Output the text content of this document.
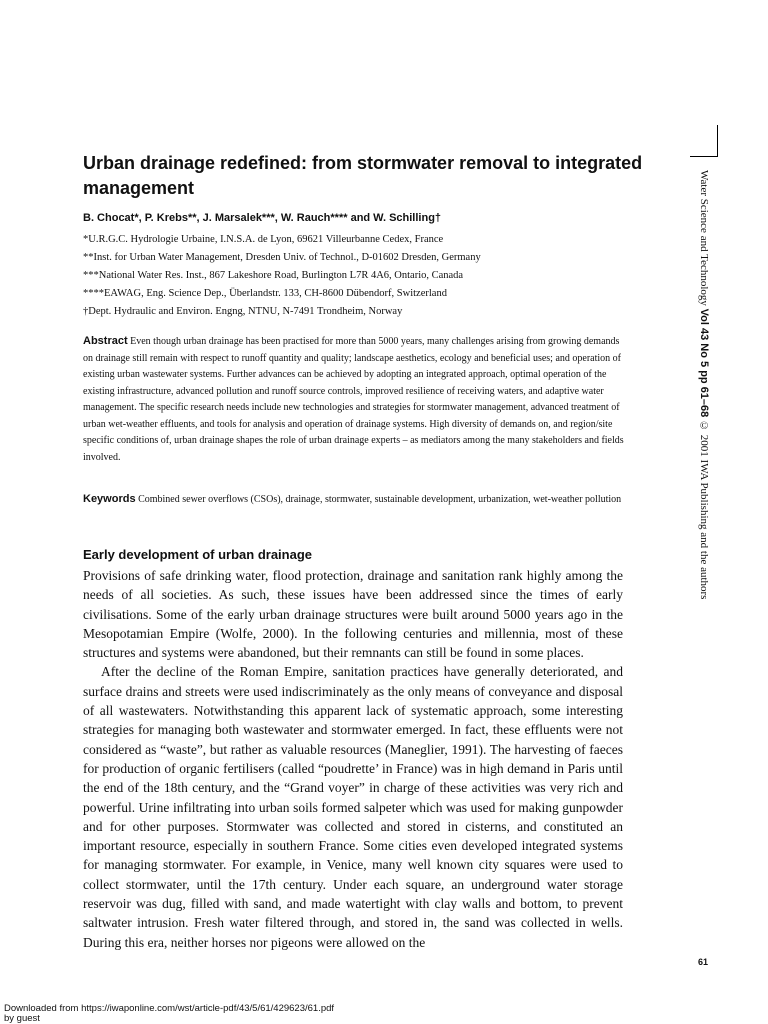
Urban drainage redefined: from stormwater removal to integrated management
B. Chocat*, P. Krebs**, J. Marsalek***, W. Rauch**** and W. Schilling†
*U.R.G.C. Hydrologie Urbaine, I.N.S.A. de Lyon, 69621 Villeurbanne Cedex, France
**Inst. for Urban Water Management, Dresden Univ. of Technol., D-01602 Dresden, Germany
***National Water Res. Inst., 867 Lakeshore Road, Burlington L7R 4A6, Ontario, Canada
****EAWAG, Eng. Science Dep., Überlandstr. 133, CH-8600 Dübendorf, Switzerland
†Dept. Hydraulic and Environ. Engng, NTNU, N-7491 Trondheim, Norway
Abstract Even though urban drainage has been practised for more than 5000 years, many challenges arising from growing demands on drainage still remain with respect to runoff quantity and quality; landscape aesthetics, ecology and beneficial uses; and operation of existing urban wastewater systems. Further advances can be achieved by adopting an integrated approach, optimal operation of the existing infrastructure, advanced pollution and runoff source controls, improved resilience of receiving waters, and adaptive water management. The specific research needs include new technologies and strategies for stormwater management, advanced treatment of urban wet-weather effluents, and tools for analysis and operation of drainage systems. High diversity of demands on, and region/site specific conditions of, urban drainage shapes the role of urban drainage experts – as mediators among the many stakeholders and fields involved.
Keywords Combined sewer overflows (CSOs), drainage, stormwater, sustainable development, urbanization, wet-weather pollution
Early development of urban drainage

Provisions of safe drinking water, flood protection, drainage and sanitation rank highly among the needs of all societies. As such, these issues have been addressed since the times of early civilisations. Some of the early urban drainage structures were built around 5000 years ago in the Mesopotamian Empire (Wolfe, 2000). In the following centuries and millennia, most of these structures and systems were abandoned, but their remnants can still be found in some places.

After the decline of the Roman Empire, sanitation practices have generally deteriorated, and surface drains and streets were used indiscriminately as the only means of conveyance and disposal of all wastewaters. Notwithstanding this apparent lack of systematic approach, some interesting strategies for managing both wastewater and stormwater emerged. In fact, these effluents were not considered as “waste”, but rather as valuable resources (Maneglier, 1991). The harvesting of faeces for production of organic fertilisers (called “poudrette’ in France) was in high demand in Paris until the end of the 18th century, and the “Grand voyer” in charge of these activities was very rich and powerful. Urine infiltrating into urban soils formed salpeter which was used for making gunpowder and for other purposes. Stormwater was collected and stored in cisterns, and constituted an important resource, especially in southern France. Some cities even developed integrated systems for managing stormwater. For example, in Venice, many well known city squares were used to collect stormwater, until the 17th century. Under each square, an underground water storage reservoir was dug, filled with sand, and made watertight with clay walls and bottom, to prevent saltwater intrusion. Fresh water filtered through, and stored in, the sand was collected in wells. During this era, neither horses nor pigeons were allowed on the

Water Science and Technology Vol 43 No 5 pp 61–68 © 2001 IWA Publishing and the authors
61
Downloaded from https://iwaponline.com/wst/article-pdf/43/5/61/429623/61.pdf
by guest
